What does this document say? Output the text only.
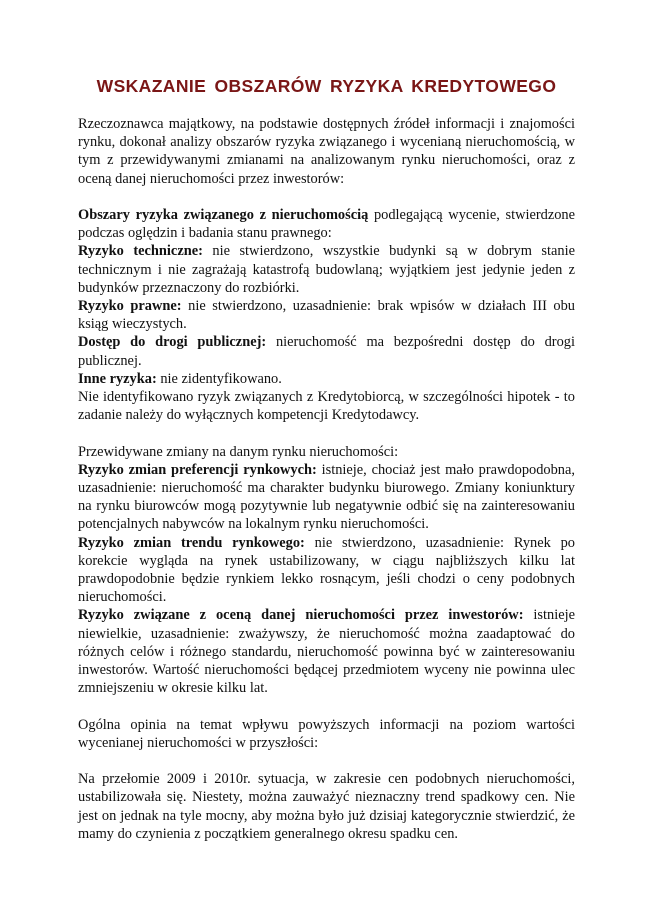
WSKAZANIE OBSZARÓW RYZYKA KREDYTOWEGO

Rzeczoznawca majątkowy, na podstawie dostępnych źródeł informacji i znajomości rynku, dokonał analizy obszarów ryzyka związanego i wycenianą nieruchomością, w tym z przewidywanymi zmianami na analizowanym rynku nieruchomości, oraz z oceną danej nieruchomości przez inwestorów:

Obszary ryzyka związanego z nieruchomością podlegającą wycenie, stwierdzone podczas oględzin i badania stanu prawnego:

Ryzyko techniczne: nie stwierdzono, wszystkie budynki są w dobrym stanie technicznym i nie zagrażają katastrofą budowlaną; wyjątkiem jest jedynie jeden z budynków przeznaczony do rozbiórki.

Ryzyko prawne: nie stwierdzono, uzasadnienie: brak wpisów w działach III obu ksiąg wieczystych.

Dostęp do drogi publicznej: nieruchomość ma bezpośredni dostęp do drogi publicznej.

Inne ryzyka: nie zidentyfikowano.

Nie identyfikowano ryzyk związanych z Kredytobiorcą, w szczególności hipotek - to zadanie należy do wyłącznych kompetencji Kredytodawcy.

Przewidywane zmiany na danym rynku nieruchomości:

Ryzyko zmian preferencji rynkowych: istnieje, chociaż jest mało prawdopodobna, uzasadnienie: nieruchomość ma charakter budynku biurowego. Zmiany koniunktury na rynku biurowców mogą pozytywnie lub negatywnie odbić się na zainteresowaniu potencjalnych nabywców na lokalnym rynku nieruchomości.

Ryzyko zmian trendu rynkowego: nie stwierdzono, uzasadnienie: Rynek po korekcie wygląda na rynek ustabilizowany, w ciągu najbliższych kilku lat prawdopodobnie będzie rynkiem lekko rosnącym, jeśli chodzi o ceny podobnych nieruchomości.

Ryzyko związane z oceną danej nieruchomości przez inwestorów: istnieje niewielkie, uzasadnienie: zważywszy, że nieruchomość można zaadaptować do różnych celów i różnego standardu, nieruchomość powinna być w zainteresowaniu inwestorów. Wartość nieruchomości będącej przedmiotem wyceny nie powinna ulec zmniejszeniu w okresie kilku lat.

Ogólna opinia na temat wpływu powyższych informacji na poziom wartości wycenianej nieruchomości w przyszłości:

Na przełomie 2009 i 2010r. sytuacja, w zakresie cen podobnych nieruchomości, ustabilizowała się. Niestety, można zauważyć nieznaczny trend spadkowy cen. Nie jest on jednak na tyle mocny, aby można było już dzisiaj kategorycznie stwierdzić, że mamy do czynienia z początkiem generalnego okresu spadku cen.
